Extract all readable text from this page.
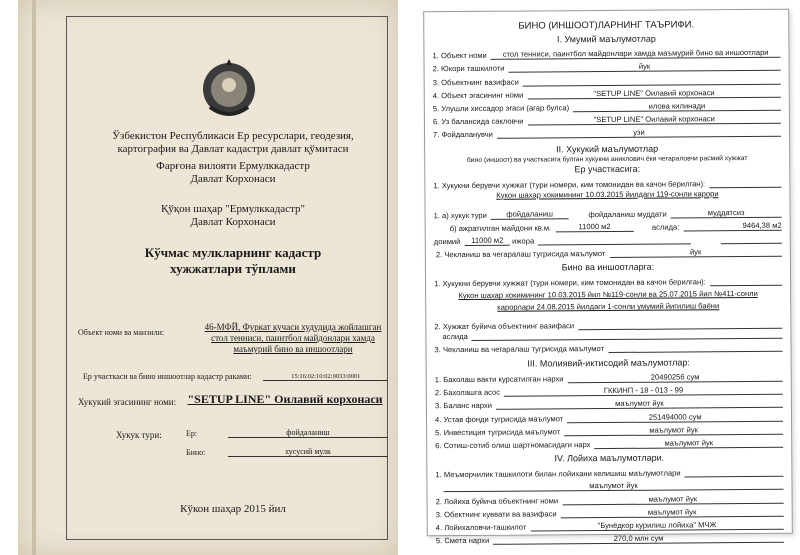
Ўзбекистон Республикаси Ер ресурслари, геодезия,
картография ва Давлат кадастри давлат қўмитаси
Фарғона вилояти Ермулккадастр
Давлат Корхонаси
Қўқон шаҳар "Ермулккадастр"
Давлат Корхонаси
Кўчмас мулкларнинг кадастр
хужжатлари тўплами
Объект номи ва манзили:
46-МФЙ, Фуркат кучаси худудида жойлашган стол тенниси, паинтбол майдонлари хамда маъмурий бино ва иншоотлари
Ер участкаси ва бино иншоотлар кадастр раками:	15:16:02:10:02:0033:0001
Хукукий эгасининг номи: "SETUP LINE" Оилавий корхонаси
Хукук тури:	Ер:	фойдаланиш
Бино:	хусусий мулк
Кўкон шаҳар 2015 йил
БИНО (ИНШООТ)ЛАРНИНГ ТАЪРИФИ.
I. Умумий маълумотлар
1. Объект номи	стол тенниси, паинтбол майдонлари хамда маъмурий бино ва иншоотлари
2. Юкори ташкилоти	йук
3. Объектнинг вазифаси
4. Объект эгасининг номи	"SETUP LINE" Оилавий корхонаси
5. Улушли хиссадор эгаси (агар булса)	илова килинади
6. Уз балансида сакловчи	"SETUP LINE" Оилавий корхонаси
7. Фойдаланувчи	узи
II. Хукукий маълумотлар
бино (иншоот) ва участкасига булган хукукни аниклович ёки чегараловчи расмий хужжат
Ер участкасига:
1. Хукукни берувчи хужжат (тури номери, ким томонидан ва качон берилган):
Кукон шахар хокимининг 10.03.2015 йилдаги 119-сонли карори
1. а) хукук тури	фойдаланиш	фойдаланиш муддати	муддатсиз
б) ажратилган майдони кв.м.	11000 м2	аслида:	9464,38 м2
доимий	11000 м2	ижора
2. Чекланиш ва чегаралаш тугрисида маълумот	йук
Бино ва иншоотларга:
1. Хукукни берувчи хужжат (тури номери, ким томонидан ва качон берилган):
Кукон шахар хокимининг 10.03.2015 йил №119-сонли ва 25.07.2015 йил №411-сонли
карорлари 24.08.2015 йилдаги 1-сонли умумий йигилиш баёни
2. Хужжат буйича объектнинг вазифаси
аслида
3. Чекланиш ва чегаралаш тугрисида маълумот
III. Молиявий-иктисодий маълумотлар:
1. Бахолаш вакти курсатилган нархи	20490256 сум
2. Бахолашга асос	ГККИНП - 18 - 013 - 99
3. Баланс нархи	маълумот йук
4. Устав фонди тугрисида маълумот	251494000 сум
5. Инвестиция тугрисида маълумот	маълумот йук
6. Сотиш-сотиб олиш шартномасидаги нарх	маълумот йук
IV. Лойиха маълумотлари.
1. Меъморчилик ташкилоти билан лойихани келишиш маълумотлари
маълумот йук
2. Лойиха буйича объектнинг номи	маълумот йук
3. Обектнинг куввати ва вазифаси	маълумот йук
4. Лойихаловчи-ташкилот	"Бунёдкор курилиш лойиха" МЧЖ
5. Смета нархи	270,0 млн сум
